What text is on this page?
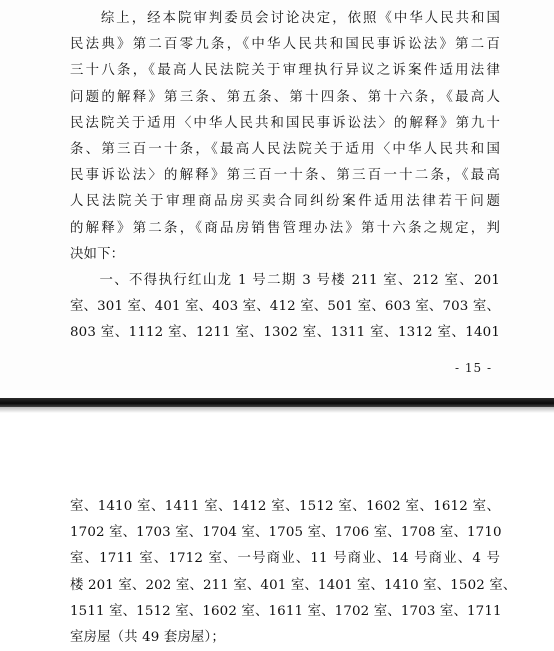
　　综上，经本院审判委员会讨论决定，依照《中华人民共和国

民法典》第二百零九条，《中华人民共和国民事诉讼法》第二百

三十八条，《最高人民法院关于审理执行异议之诉案件适用法律

问题的解释》第三条、第五条、第十四条、第十六条，《最高人

民法院关于适用〈中华人民共和国民事诉讼法〉的解释》第九十

条、第三百一十条，《最高人民法院关于适用〈中华人民共和国

民事诉讼法〉的解释》第三百一十条、第三百一十二条，《最高

人民法院关于审理商品房买卖合同纠纷案件适用法律若干问题

的解释》第二条，《商品房销售管理办法》第十六条之规定，判

决如下：

　　一、不得执行红山龙 1 号二期 3 号楼 211 室、212 室、201

室、301 室、401 室、403 室、412 室、501 室、603 室、703 室、

803 室、1112 室、1211 室、1302 室、1311 室、1312 室、1401

- 15 -

室、1410 室、1411 室、1412 室、1512 室、1602 室、1612 室、

1702 室、1703 室、1704 室、1705 室、1706 室、1708 室、1710

室、1711 室、1712 室、一号商业、11 号商业、14 号商业、4 号

楼 201 室、202 室、211 室、401 室、1401 室、1410 室、1502 室、

1511 室、1512 室、1602 室、1611 室、1702 室、1703 室、1711

室房屋（共 49 套房屋）；
